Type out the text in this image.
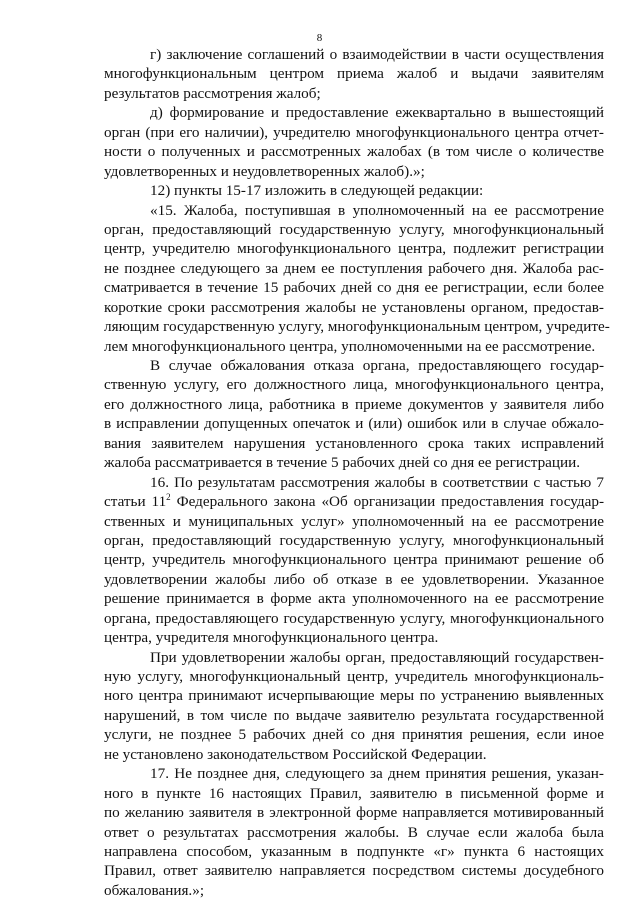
8
г) заключение соглашений о взаимодействии в части осуществления
многофункциональным центром приема жалоб и выдачи заявителям
результатов рассмотрения жалоб;
д) формирование и предоставление ежеквартально в вышестоящий
орган (при его наличии), учредителю многофункционального центра отчет-
ности о полученных и рассмотренных жалобах (в том числе о количестве
удовлетворенных и неудовлетворенных жалоб).»;
12) пункты 15-17 изложить в следующей редакции:
«15. Жалоба, поступившая в уполномоченный на ее рассмотрение
орган, предоставляющий государственную услугу, многофункциональный
центр, учредителю многофункционального центра, подлежит регистрации
не позднее следующего за днем ее поступления рабочего дня. Жалоба рас-
сматривается в течение 15 рабочих дней со дня ее регистрации, если более
короткие сроки рассмотрения жалобы не установлены органом, предостав-
ляющим государственную услугу, многофункциональным центром, учредите-
лем многофункционального центра, уполномоченными на ее рассмотрение.
В случае обжалования отказа органа, предоставляющего государ-
ственную услугу, его должностного лица, многофункционального центра,
его должностного лица, работника в приеме документов у заявителя либо
в исправлении допущенных опечаток и (или) ошибок или в случае обжало-
вания заявителем нарушения установленного срока таких исправлений
жалоба рассматривается в течение 5 рабочих дней со дня ее регистрации.
16. По результатам рассмотрения жалобы в соответствии с частью 7
статьи $11^2$ Федерального закона «Об организации предоставления государ-
ственных и муниципальных услуг» уполномоченный на ее рассмотрение
орган, предоставляющий государственную услугу, многофункциональный
центр, учредитель многофункционального центра принимают решение об
удовлетворении жалобы либо об отказе в ее удовлетворении. Указанное
решение принимается в форме акта уполномоченного на ее рассмотрение
органа, предоставляющего государственную услугу, многофункционального
центра, учредителя многофункционального центра.
При удовлетворении жалобы орган, предоставляющий государствен-
ную услугу, многофункциональный центр, учредитель многофункциональ-
ного центра принимают исчерпывающие меры по устранению выявленных
нарушений, в том числе по выдаче заявителю результата государственной
услуги, не позднее 5 рабочих дней со дня принятия решения, если иное
не установлено законодательством Российской Федерации.
17. Не позднее дня, следующего за днем принятия решения, указан-
ного в пункте 16 настоящих Правил, заявителю в письменной форме и
по желанию заявителя в электронной форме направляется мотивированный
ответ о результатах рассмотрения жалобы. В случае если жалоба была
направлена способом, указанным в подпункте «г» пункта 6 настоящих
Правил, ответ заявителю направляется посредством системы досудебного
обжалования.»;
